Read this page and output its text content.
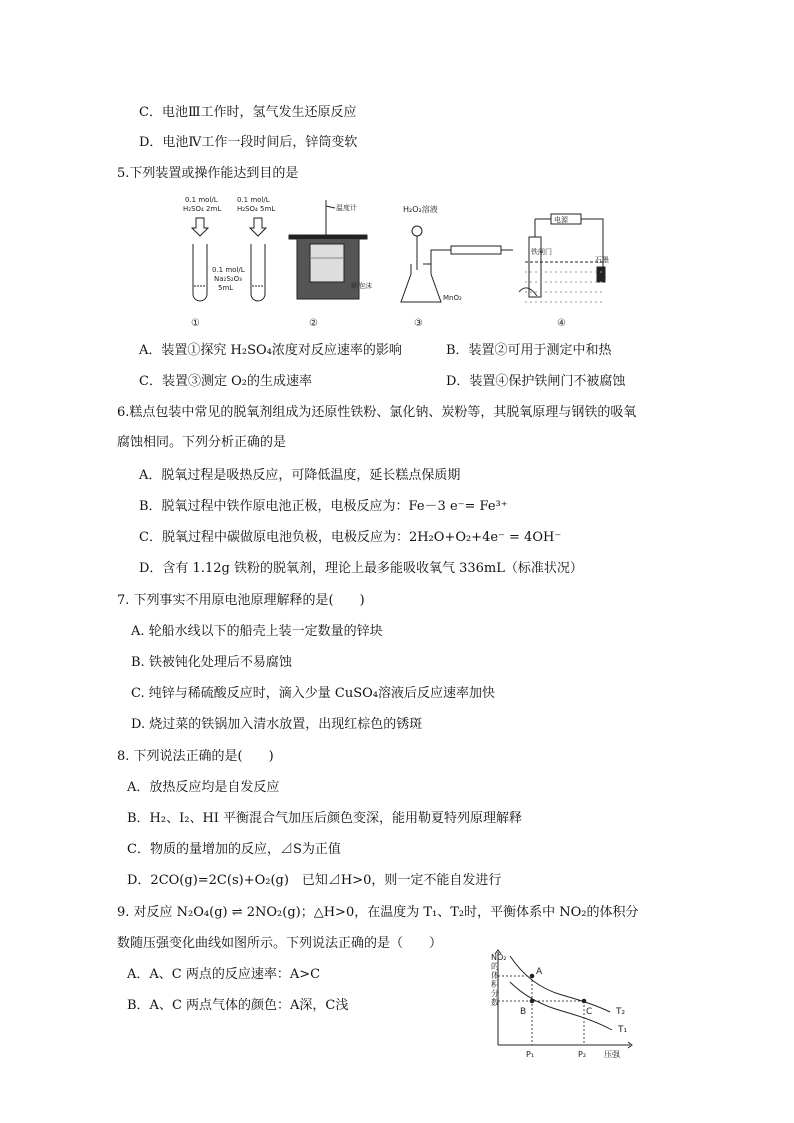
C．电池Ⅲ工作时，氢气发生还原反应
D．电池Ⅳ工作一段时间后，锌筒变软
5.下列装置或操作能达到目的是
0.1 mol/L
H₂SO₄ 2mL
0.1 mol/L
H₂SO₄ 5mL
0.1 mol/L
Na₂S₂O₃
5mL
①
温度计
碎泡沫
②
H₂O₂溶液
MnO₂
③
电源
铁闸门
石墨
④
A．装置①探究 H₂SO₄浓度对反应速率的影响	B．装置②可用于测定中和热
C．装置③测定 O₂的生成速率	D．装置④保护铁闸门不被腐蚀
6.糕点包装中常见的脱氧剂组成为还原性铁粉、氯化钠、炭粉等，其脱氧原理与钢铁的吸氧
腐蚀相同。下列分析正确的是
A．脱氧过程是吸热反应，可降低温度，延长糕点保质期
B．脱氧过程中铁作原电池正极，电极反应为：Fe－3 e⁻= Fe³⁺
C．脱氧过程中碳做原电池负极，电极反应为：2H₂O+O₂+4e⁻ = 4OH⁻
D．含有 1.12g 铁粉的脱氧剂，理论上最多能吸收氧气 336mL（标准状况）
7. 下列事实不用原电池原理解释的是(　　)
A. 轮船水线以下的船壳上装一定数量的锌块
B. 铁被钝化处理后不易腐蚀
C. 纯锌与稀硫酸反应时，滴入少量 CuSO₄溶液后反应速率加快
D. 烧过菜的铁锅加入清水放置，出现红棕色的锈斑
8. 下列说法正确的是(　　)
A．放热反应均是自发反应
B．H₂、I₂、HI 平衡混合气加压后颜色变深，能用勒夏特列原理解释
C．物质的量增加的反应，⊿S为正值
D．2CO(g)=2C(s)+O₂(g)　已知⊿H>0，则一定不能自发进行
9. 对反应 N₂O₄(g) ⇌ 2NO₂(g)；△H>0，在温度为 T₁、T₂时，平衡体系中 NO₂的体积分
数随压强变化曲线如图所示。下列说法正确的是（　　）
A．A、C 两点的反应速率：A>C
B．A、C 两点气体的颜色：A深，C浅
NO₂
的
体
积
分
数
A
B	C	T₂
T₁
P₁	P₂ 压强
